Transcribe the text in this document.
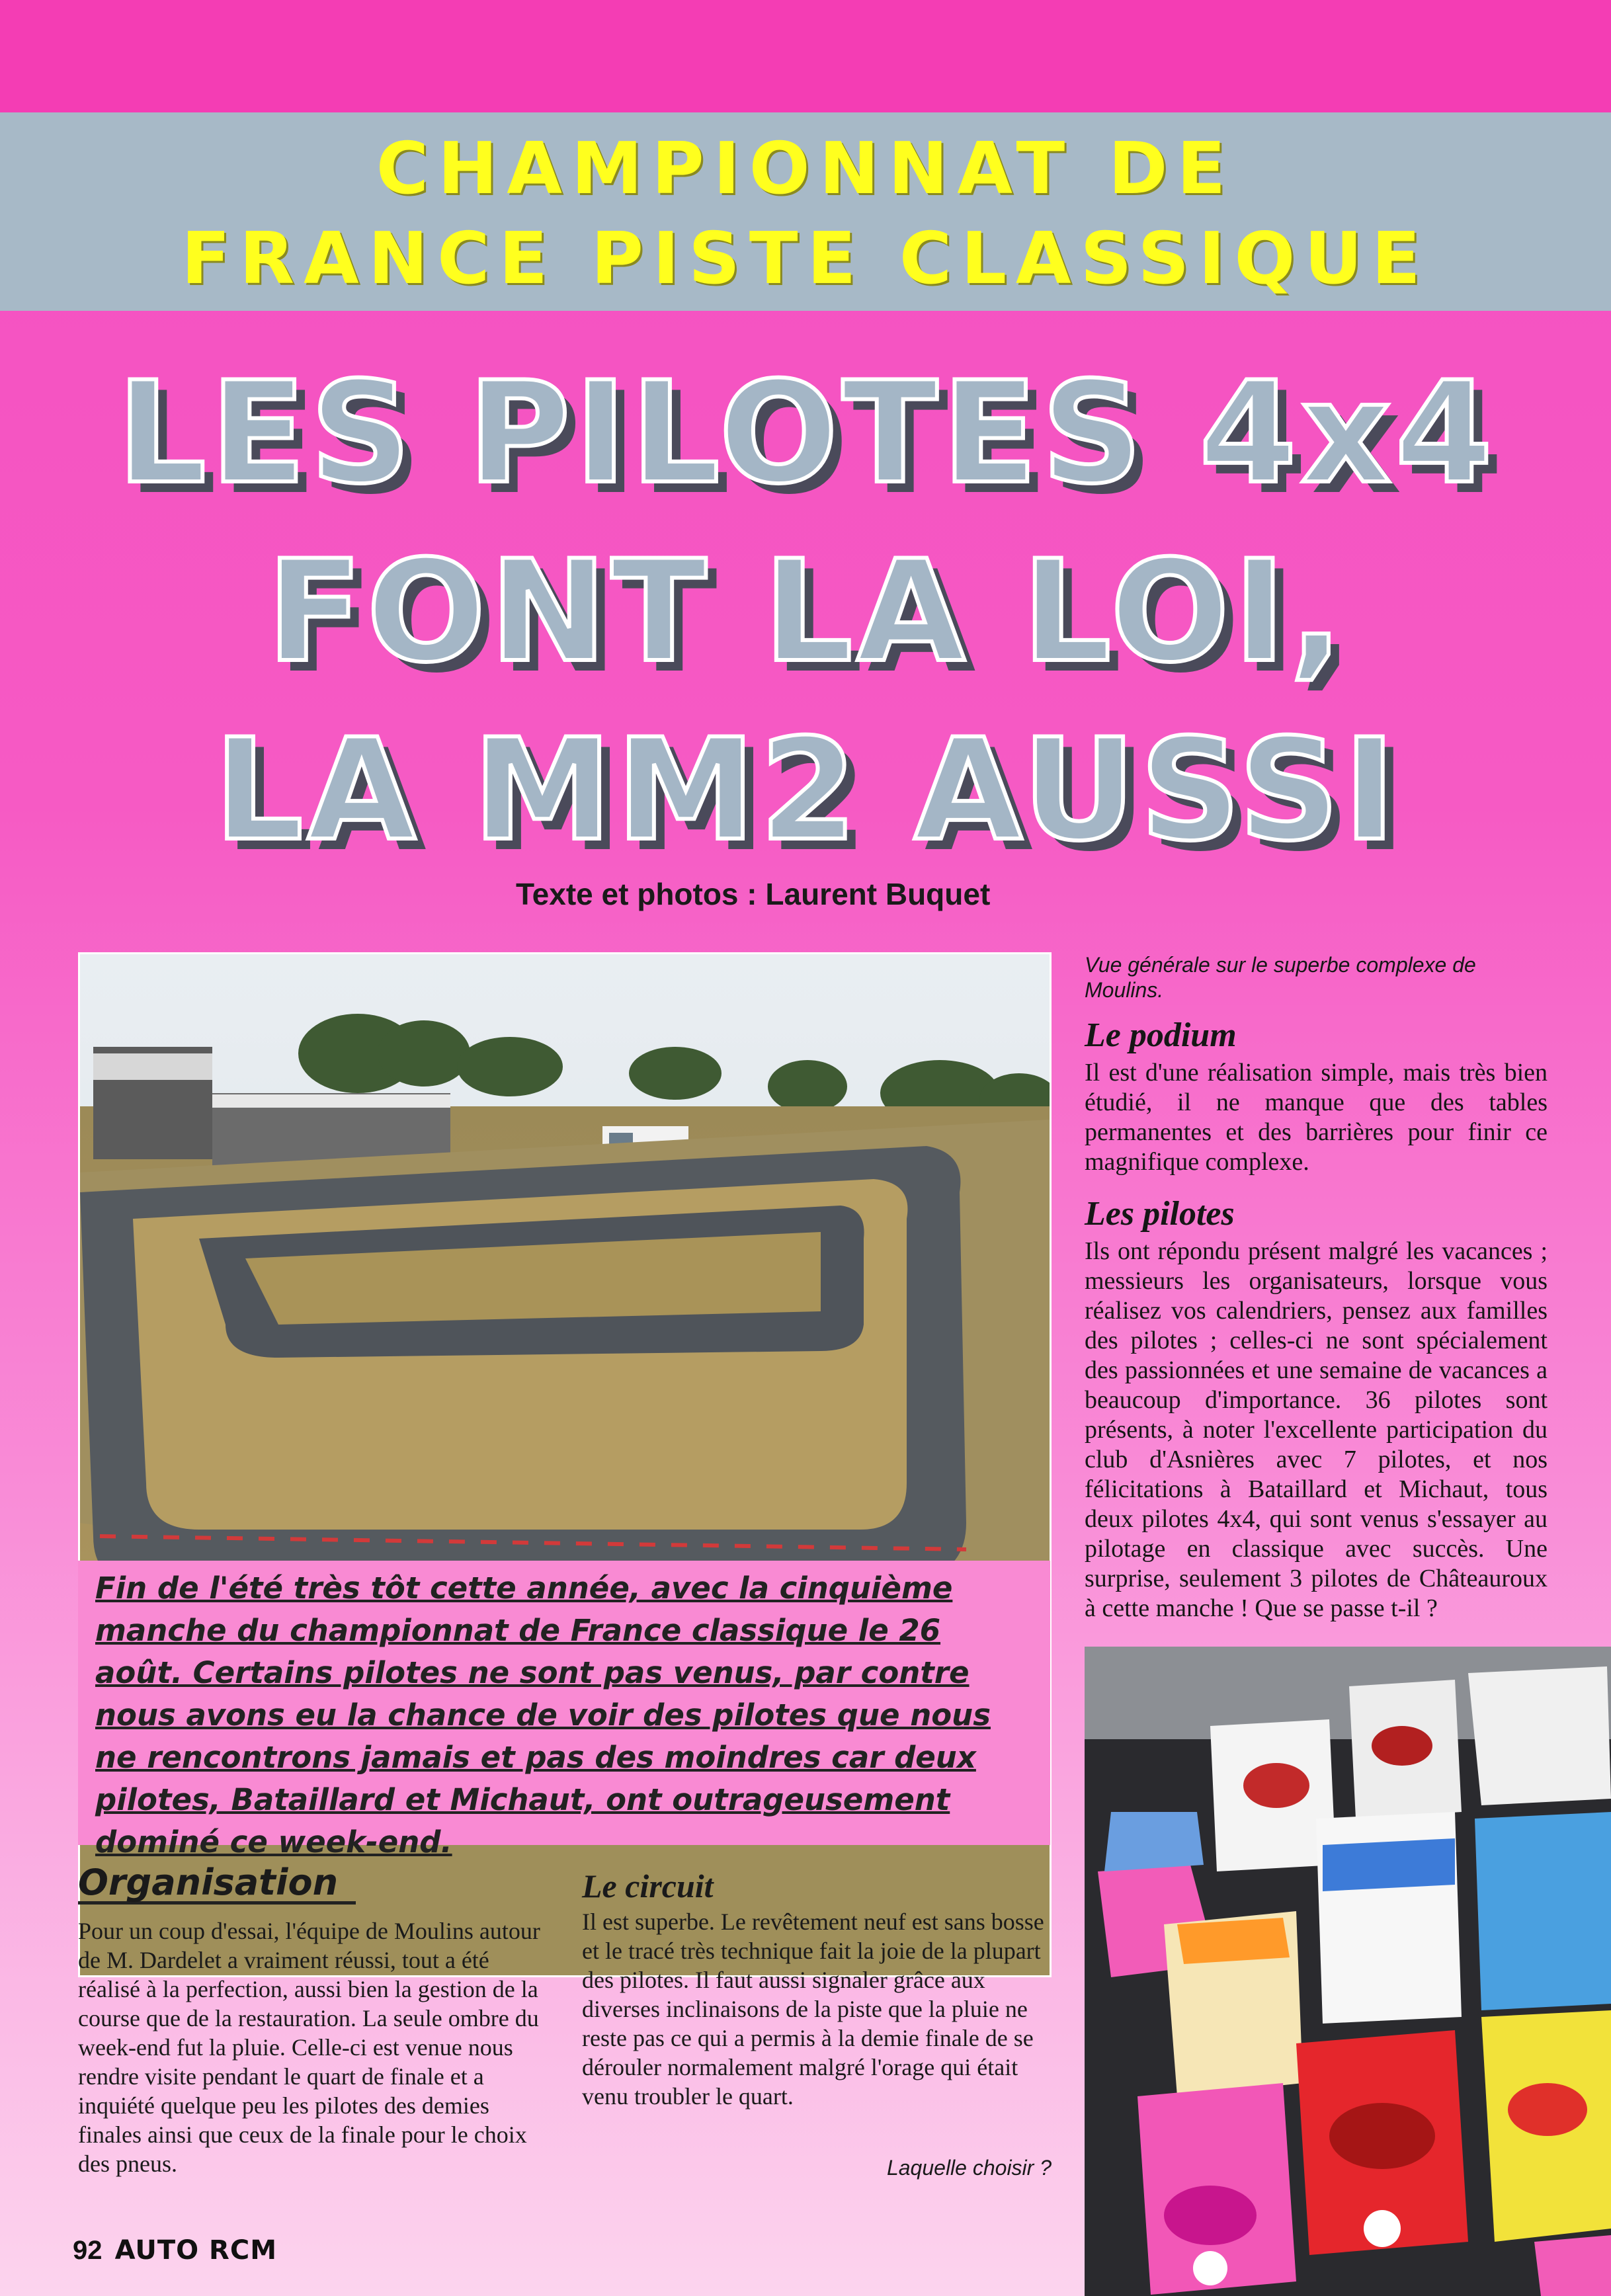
CHAMPIONNAT DE
FRANCE PISTE CLASSIQUE
LES PILOTES 4x4
FONT LA LOI,
LA MM2 AUSSI
Texte et photos : Laurent Buquet

Vue générale sur le superbe complexe de Moulins.

Le podium

Il est d'une réalisation simple, mais très bien étudié, il ne manque que des tables permanentes et des barrières pour finir ce magnifique complexe.

Les pilotes

Ils ont répondu présent malgré les vacances ; messieurs les organisateurs, lorsque vous réalisez vos calendriers, pensez aux familles des pilotes ; celles-ci ne sont spécialement des passionnées et une semaine de vacances a beaucoup d'importance. 36 pilotes sont présents, à noter l'excellente participation du club d'Asnières avec 7 pilotes, et nos félicitations à Bataillard et Michaut, tous deux pilotes 4x4, qui sont venus s'essayer au pilotage en classique avec succès. Une surprise, seulement 3 pilotes de Châteauroux à cette manche ! Que se passe t-il ?

Fin de l'été très tôt cette année, avec la cinquième manche du championnat de France classique le 26 août. Certains pilotes ne sont pas venus, par contre nous avons eu la chance de voir des pilotes que nous ne rencontrons jamais et pas des moindres car deux pilotes, Bataillard et Michaut, ont outrageusement dominé ce week-end.
Organisation
Pour un coup d'essai, l'équipe de Moulins autour de M. Dardelet a vraiment réussi, tout a été réalisé à la perfection, aussi bien la gestion de la course que de la restauration. La seule ombre du week-end fut la pluie. Celle-ci est venue nous rendre visite pendant le quart de finale et a inquiété quelque peu les pilotes des demies finales ainsi que ceux de la finale pour le choix des pneus.
Le circuit
Il est superbe. Le revêtement neuf est sans bosse et le tracé très technique fait la joie de la plupart des pilotes. Il faut aussi signaler grâce aux diverses inclinaisons de la piste que la pluie ne reste pas ce qui a permis à la demie finale de se dérouler normalement malgré l'orage qui était venu troubler le quart.
Laquelle choisir ?
92 AUTO RCM
